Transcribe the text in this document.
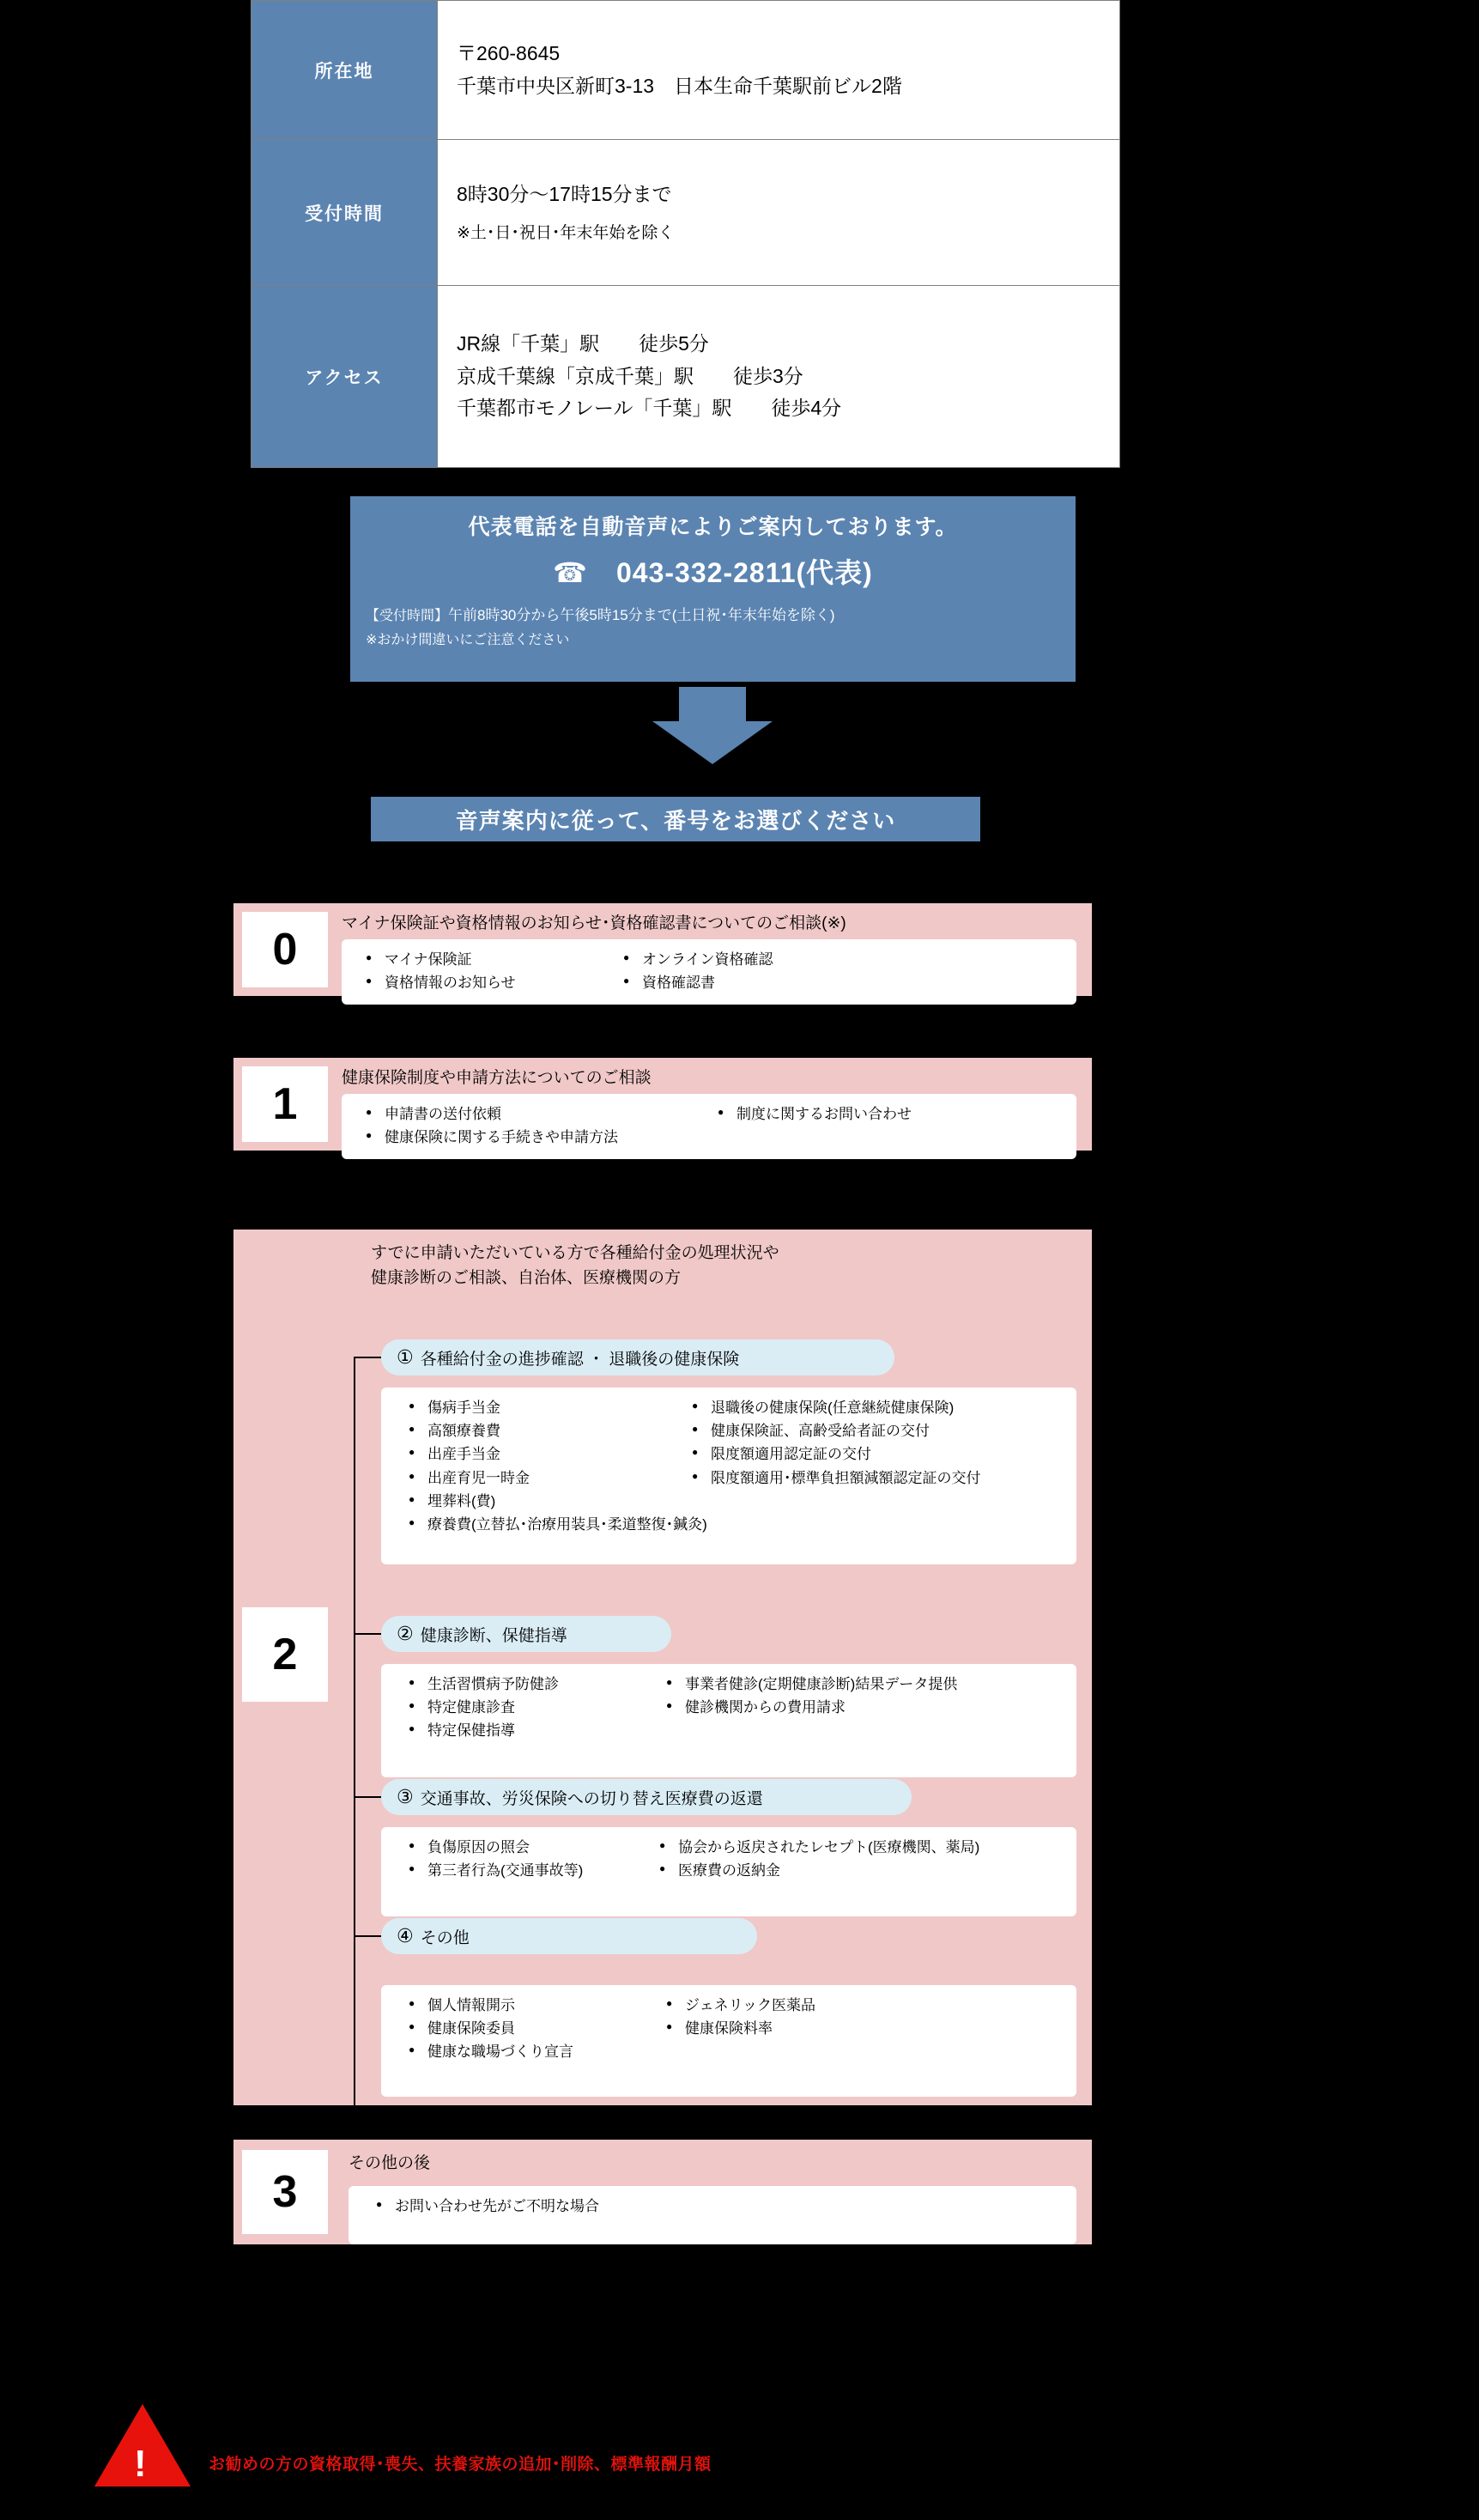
所在地	〒260-8645
千葉市中央区新町3-13　日本生命千葉駅前ビル2階

受付時間	8時30分～17時15分まで
※土･日･祝日･年末年始を除く

アクセス	JR線「千葉」駅　　徒歩5分
京成千葉線「京成千葉」駅　　徒歩3分
千葉都市モノレール「千葉」駅　　徒歩4分
代表電話を自動音声によりご案内しております。
☎　043-332-2811(代表)
【受付時間】午前8時30分から午後5時15分まで(土日祝･年末年始を除く)
※おかけ間違いにご注意ください
音声案内に従って、番号をお選びください
0
マイナ保険証や資格情報のお知らせ･資格確認書についてのご相談(※)
● マイナ保険証
● 資格情報のお知らせ
● オンライン資格確認
● 資格確認書
1
健康保険制度や申請方法についてのご相談
● 申請書の送付依頼
● 健康保険に関する手続きや申請方法
● 制度に関するお問い合わせ
2
すでに申請いただいている方で各種給付金の処理状況や
健康診断のご相談、自治体、医療機関の方
① 各種給付金の進捗確認 ・ 退職後の健康保険
● 傷病手当金
● 高額療養費
● 出産手当金
● 出産育児一時金
● 埋葬料(費)
● 療養費(立替払･治療用装具･柔道整復･鍼灸)
● 退職後の健康保険(任意継続健康保険)
● 健康保険証、高齢受給者証の交付
● 限度額適用認定証の交付
● 限度額適用･標準負担額減額認定証の交付
② 健康診断、保健指導
● 生活習慣病予防健診
● 特定健康診査
● 特定保健指導
● 事業者健診(定期健康診断)結果データ提供
● 健診機関からの費用請求
③ 交通事故、労災保険への切り替え医療費の返還
● 負傷原因の照会
● 第三者行為(交通事故等)
● 協会から返戻されたレセプト(医療機関、薬局)
● 医療費の返納金
④ その他
● 個人情報開示
● 健康保険委員
● 健康な職場づくり宣言
● ジェネリック医薬品
● 健康保険料率
3
その他の後
● お問い合わせ先がご不明な場合
!	お勧めの方の資格取得･喪失、扶養家族の追加･削除、標準報酬月額
